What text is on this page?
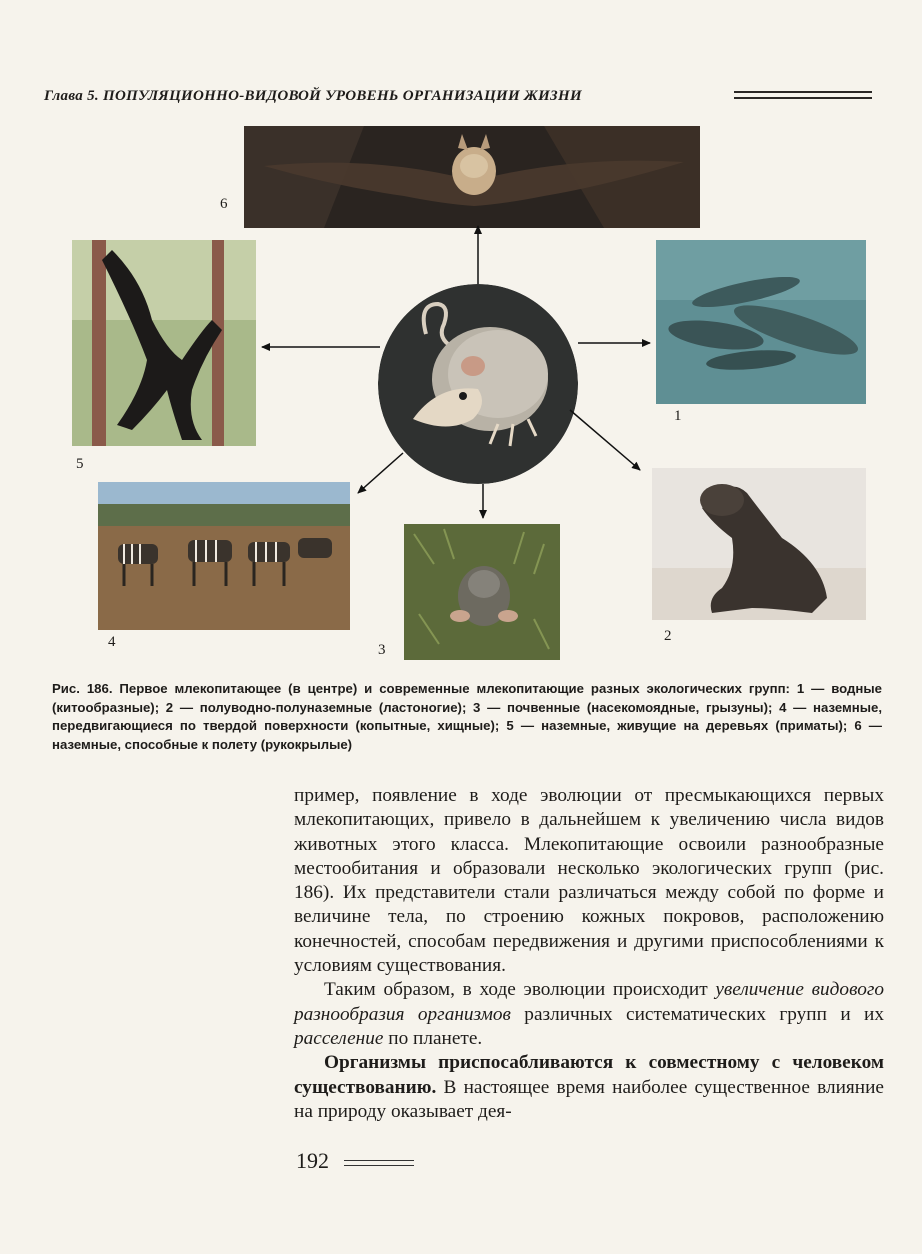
Глава 5. ПОПУЛЯЦИОННО-ВИДОВОЙ УРОВЕНЬ ОРГАНИЗАЦИИ ЖИЗНИ
6
5
1
2
4	3
Рис. 186. Первое млекопитающее (в центре) и современные млекопитающие разных экологических групп: 1 — водные (китообразные); 2 — полуводно-полуназемные (ластоногие); 3 — почвенные (насекомоядные, грызуны); 4 — наземные, передвигающиеся по твердой поверхности (копытные, хищные); 5 — наземные, живущие на деревьях (приматы); 6 — наземные, способные к полету (рукокрылые)

пример, появление в ходе эволюции от пресмыкающихся первых млекопитающих, привело в дальнейшем к увеличению числа видов животных этого класса. Млекопитающие освоили разнообразные местообитания и образовали несколько экологических групп (рис. 186). Их представители стали различаться между собой по форме и величине тела, по строению кожных покровов, расположению конечностей, способам передвижения и другими приспособлениями к условиям существования.

Таким образом, в ходе эволюции происходит увеличение видового разнообразия организмов различных систематических групп и их расселение по планете.

Организмы приспосабливаются к совместному с человеком существованию. В настоящее время наиболее существенное влияние на природу оказывает дея-

192
